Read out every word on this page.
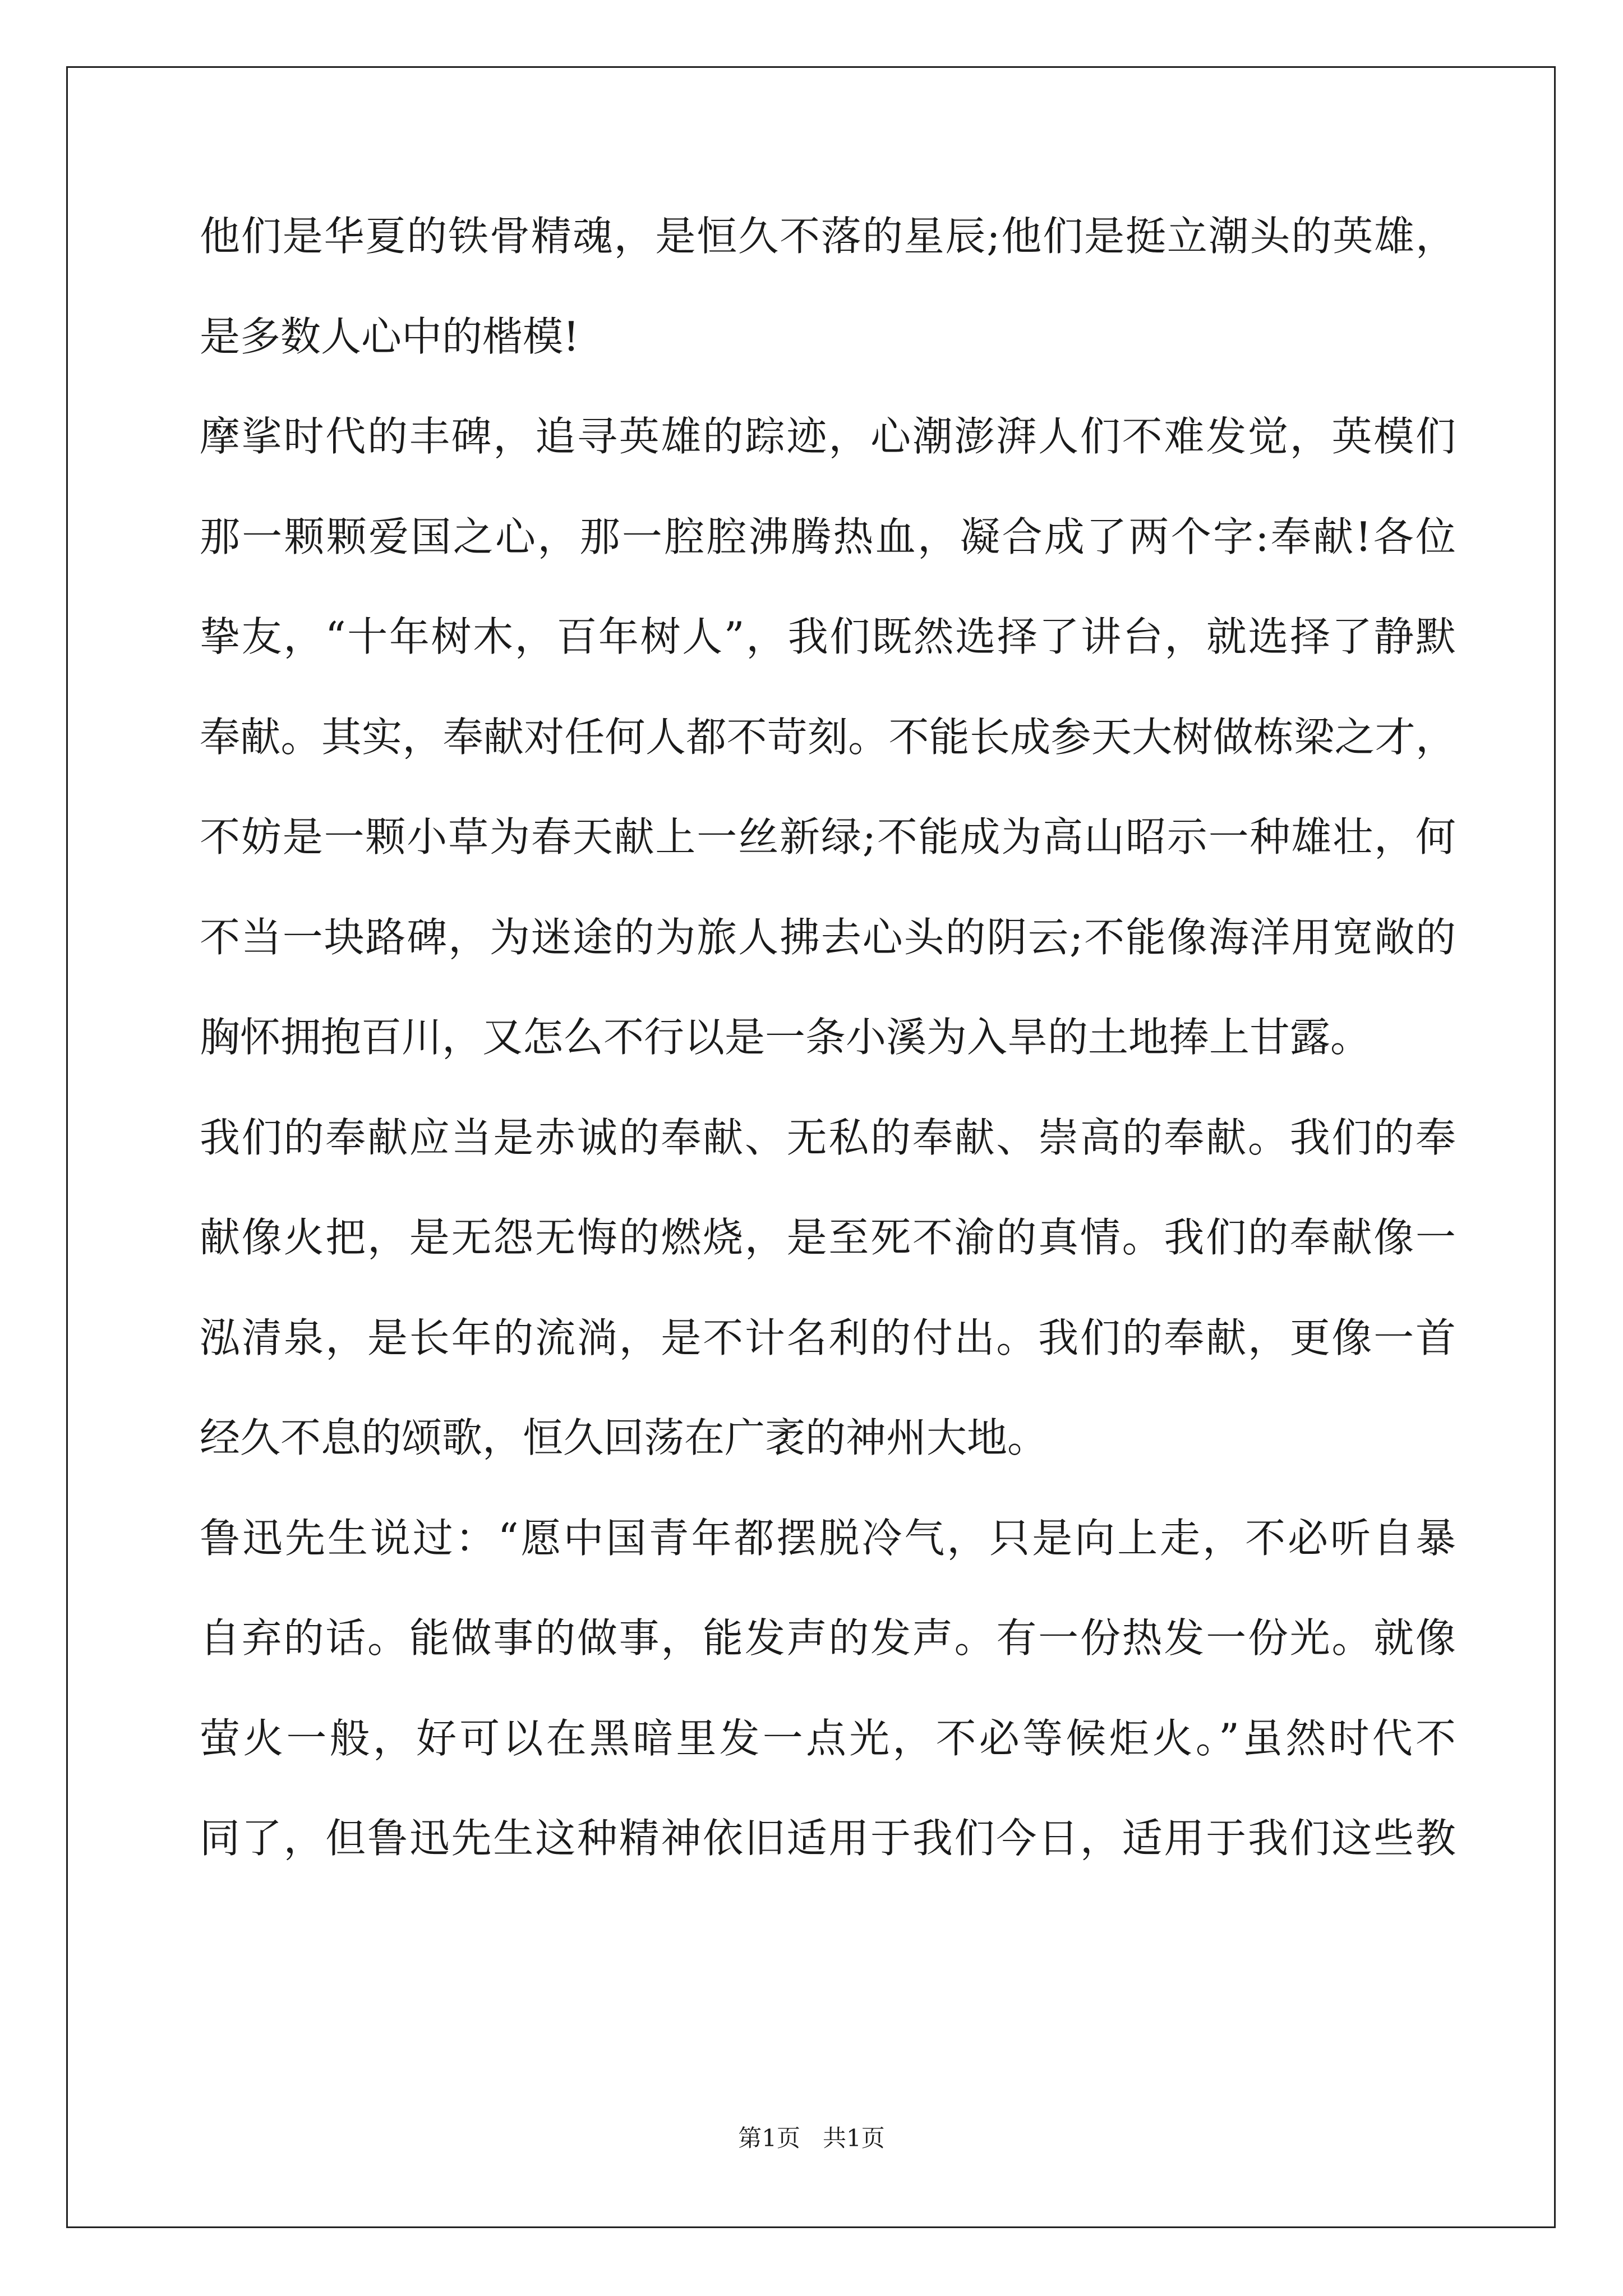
他们是华夏的铁骨精魂，是恒久不落的星辰;他们是挺立潮头的英雄，
是多数人心中的楷模!
摩挲时代的丰碑，追寻英雄的踪迹，心潮澎湃人们不难发觉，英模们
那一颗颗爱国之心，那一腔腔沸腾热血，凝合成了两个字:奉献!各位
挚友，“十年树木，百年树人”，我们既然选择了讲台，就选择了静默
奉献。其实，奉献对任何人都不苛刻。不能长成参天大树做栋梁之才，
不妨是一颗小草为春天献上一丝新绿;不能成为高山昭示一种雄壮，何
不当一块路碑，为迷途的为旅人拂去心头的阴云;不能像海洋用宽敞的
胸怀拥抱百川，又怎么不行以是一条小溪为入旱的土地捧上甘露。
我们的奉献应当是赤诚的奉献、无私的奉献、崇高的奉献。我们的奉
献像火把，是无怨无悔的燃烧，是至死不渝的真情。我们的奉献像一
泓清泉，是长年的流淌，是不计名利的付出。我们的奉献，更像一首
经久不息的颂歌，恒久回荡在广袤的神州大地。
鲁迅先生说过：“愿中国青年都摆脱冷气，只是向上走，不必听自暴
自弃的话。能做事的做事，能发声的发声。有一份热发一份光。就像
萤火一般，好可以在黑暗里发一点光，不必等候炬火。”虽然时代不
同了，但鲁迅先生这种精神依旧适用于我们今日，适用于我们这些教
第1页   共1页
